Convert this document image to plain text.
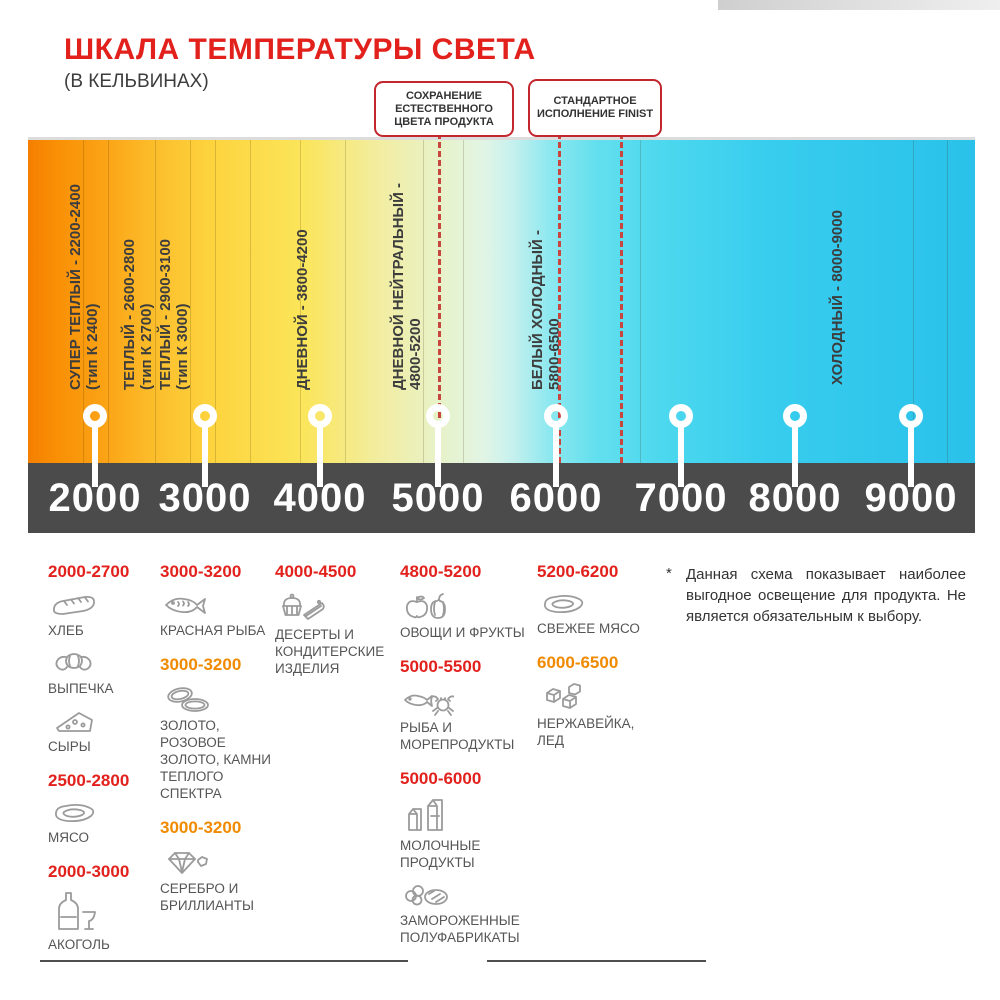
ШКАЛА ТЕМПЕРАТУРЫ СВЕТА
(В КЕЛЬВИНАХ)
СОХРАНЕНИЕ ЕСТЕСТВЕННОГО ЦВЕТА ПРОДУКТА
СТАНДАРТНОЕ ИСПОЛНЕНИЕ FINIST
СУПЕР ТЕПЛЫЙ - 2200-2400 (тип К 2400) ТЕПЛЫЙ - 2600-2800 (тип К 2700) ТЕПЛЫЙ - 2900-3100 (тип К 3000)	ДНЕВНОЙ - 3800-4200	ДНЕВНОЙ НЕЙТРАЛЬНЫЙ - 4800-5200	БЕЛЫЙ ХОЛОДНЫЙ - 5800-6500	ХОЛОДНЫЙ - 8000-9000
2000 3000 4000 5000 6000 7000 8000 9000
2000-2700
ХЛЕБ
ВЫПЕЧКА
СЫРЫ
2500-2800
МЯСО
2000-3000
АКОГОЛЬ
3000-3200
КРАСНАЯ РЫБА
3000-3200
ЗОЛОТО, РОЗОВОЕ ЗОЛОТО, КАМНИ ТЕПЛОГО СПЕКТРА
3000-3200
СЕРЕБРО И БРИЛЛИАНТЫ
4000-4500
ДЕСЕРТЫ И КОНДИТЕРСКИЕ ИЗДЕЛИЯ
4800-5200
ОВОЩИ И ФРУКТЫ
5000-5500
РЫБА И МОРЕПРОДУКТЫ
5000-6000
МОЛОЧНЫЕ ПРОДУКТЫ
ЗАМОРОЖЕННЫЕ ПОЛУФАБРИКАТЫ
5200-6200
СВЕЖЕЕ МЯСО
6000-6500
НЕРЖАВЕЙКА, ЛЕД
* Данная схема показывает наиболее выгодное освещение для продукта. Не является обязательным к выбору.
